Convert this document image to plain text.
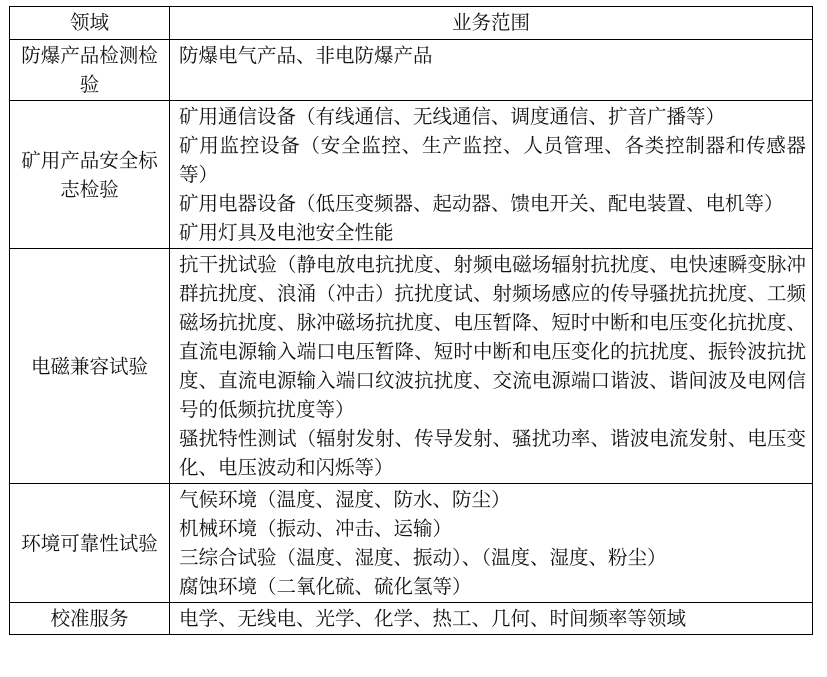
领域	业务范围
防爆产品检测检验	防爆电气产品、非电防爆产品

矿用产品安全标志检验	矿用通信设备（有线通信、无线通信、调度通信、扩音广播等）
矿用监控设备（安全监控、生产监控、人员管理、各类控制器和传感器等）
矿用电器设备（低压变频器、起动器、馈电开关、配电装置、电机等）
矿用灯具及电池安全性能

电磁兼容试验	抗干扰试验（静电放电抗扰度、射频电磁场辐射抗扰度、电快速瞬变脉冲群抗扰度、浪涌（冲击）抗扰度试、射频场感应的传导骚扰抗扰度、工频磁场抗扰度、脉冲磁场抗扰度、电压暂降、短时中断和电压变化抗扰度、直流电源输入端口电压暂降、短时中断和电压变化的抗扰度、振铃波抗扰度、直流电源输入端口纹波抗扰度、交流电源端口谐波、谐间波及电网信号的低频抗扰度等）
骚扰特性测试（辐射发射、传导发射、骚扰功率、谐波电流发射、电压变化、电压波动和闪烁等）

环境可靠性试验	气候环境（温度、湿度、防水、防尘）
机械环境（振动、冲击、运输）
三综合试验（温度、湿度、振动）、（温度、湿度、粉尘）
腐蚀环境（二氧化硫、硫化氢等）

校准服务	电学、无线电、光学、化学、热工、几何、时间频率等领域
